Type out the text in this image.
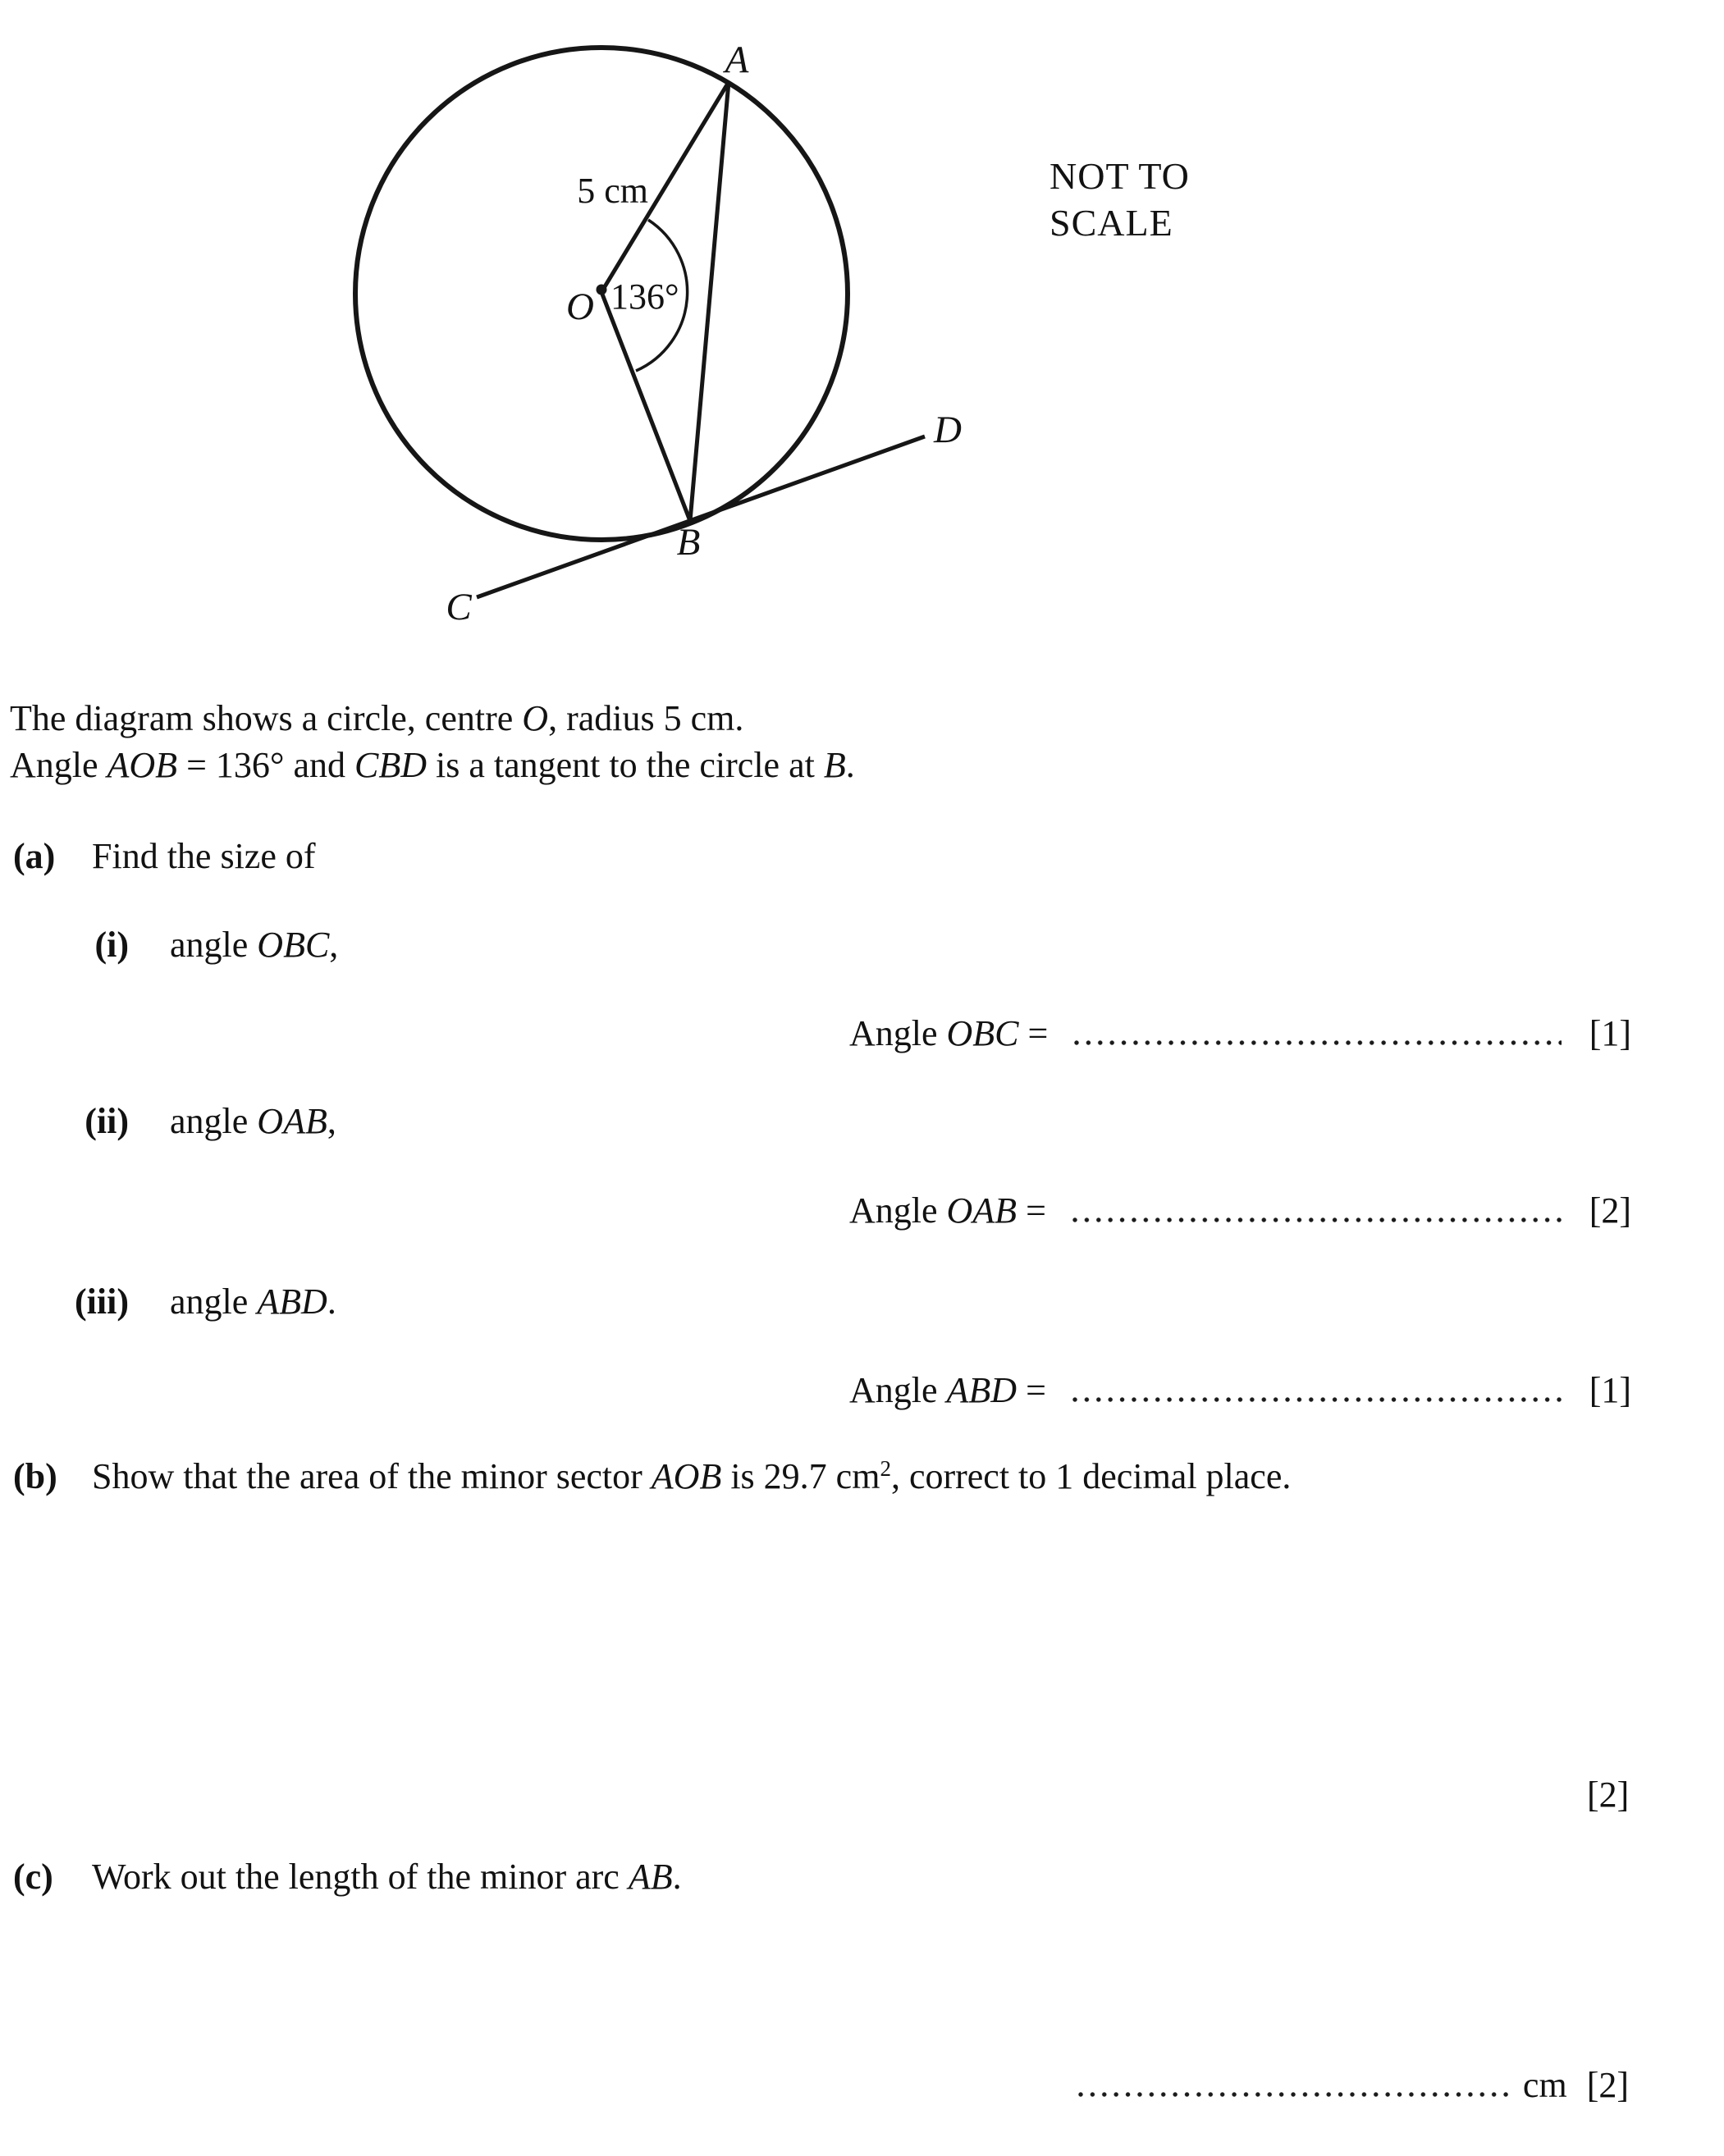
A
B
C
D
O
5 cm
136°
NOT TO
SCALE
The diagram shows a circle, centre O, radius 5 cm.
Angle AOB = 136° and CBD is a tangent to the circle at B.
(a) Find the size of
(i) angle OBC,
Angle OBC =	[1]
(ii) angle OAB,
Angle OAB =	[2]
(iii) angle ABD.
Angle ABD =	[1]
(b) Show that the area of the minor sector AOB is 29.7 $cm^2$, correct to 1 decimal place.
[2]
(c) Work out the length of the minor arc AB.
cm [2]
